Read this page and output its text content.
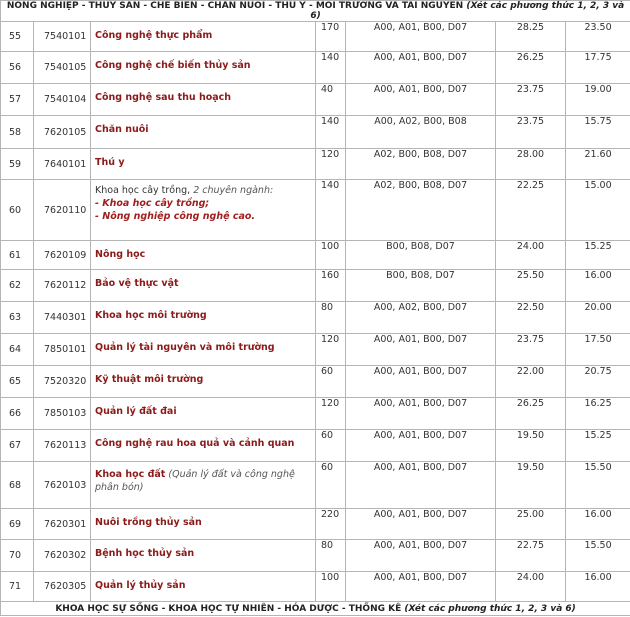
NÔNG NGHIỆP - THỦY SẢN - CHẾ BIẾN - CHĂN NUÔI - THÚ Y - MÔI TRƯỜNG VÀ TÀI NGUYÊN (Xét các phương thức 1, 2, 3 và 6)						
55	7540101	Công nghệ thực phẩm	170	A00, A01, B00, D07	28.25	23.50
56	7540105	Công nghệ chế biến thủy sản	140	A00, A01, B00, D07	26.25	17.75
57	7540104	Công nghệ sau thu hoạch	40	A00, A01, B00, D07	23.75	19.00
58	7620105	Chăn nuôi	140	A00, A02, B00, B08	23.75	15.75
59	7640101	Thú y	120	A02, B00, B08, D07	28.00	21.60
60	7620110	Khoa học cây trồng, 2 chuyên ngành:
- Khoa học cây trồng;
- Nông nghiệp công nghệ cao.	140	A02, B00, B08, D07	22.25	15.00
61	7620109	Nông học	100	B00, B08, D07	24.00	15.25
62	7620112	Bảo vệ thực vật	160	B00, B08, D07	25.50	16.00
63	7440301	Khoa học môi trường	80	A00, A02, B00, D07	22.50	20.00
64	7850101	Quản lý tài nguyên và môi trường	120	A00, A01, B00, D07	23.75	17.50
65	7520320	Kỹ thuật môi trường	60	A00, A01, B00, D07	22.00	20.75
66	7850103	Quản lý đất đai	120	A00, A01, B00, D07	26.25	16.25
67	7620113	Công nghệ rau hoa quả và cảnh quan	60	A00, A01, B00, D07	19.50	15.25
68	7620103	Khoa học đất (Quản lý đất và công nghệ phân bón)	60	A00, A01, B00, D07	19.50	15.50
69	7620301	Nuôi trồng thủy sản	220	A00, A01, B00, D07	25.00	16.00
70	7620302	Bệnh học thủy sản	80	A00, A01, B00, D07	22.75	15.50
71	7620305	Quản lý thủy sản	100	A00, A01, B00, D07	24.00	16.00
KHOA HỌC SỰ SỐNG - KHOA HỌC TỰ NHIÊN - HÓA DƯỢC - THỐNG KÊ (Xét các phương thức 1, 2, 3 và 6)						
